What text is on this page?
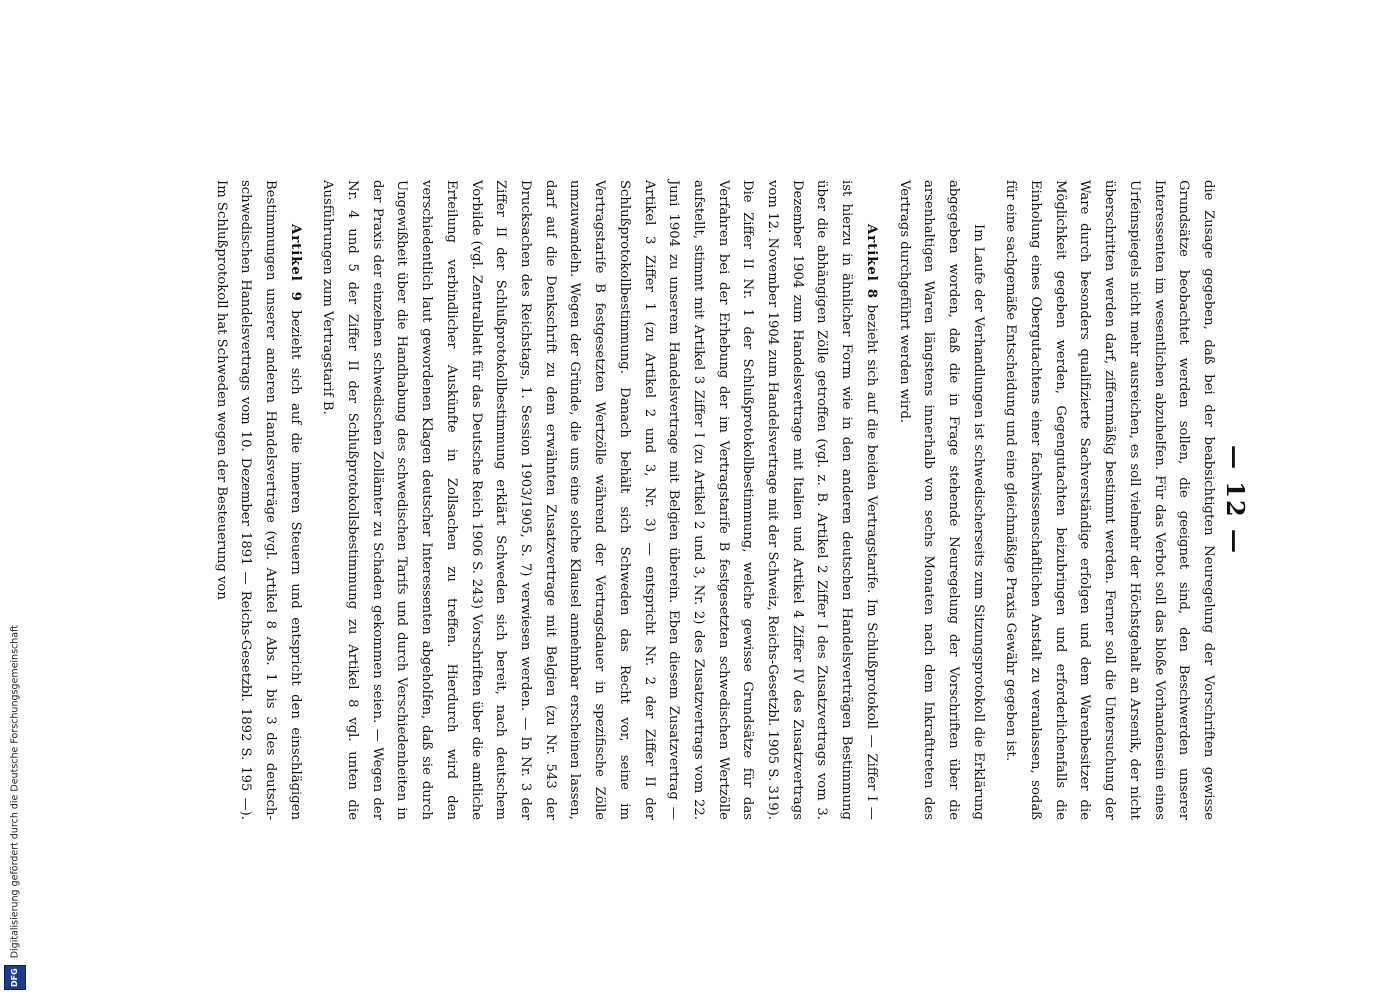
DFG Digitalisierung gefördert durch die Deutsche Forschungsgemeinschaft
— 12 —

die Zusage gegeben, daß bei der beabsichtigten Neuregelung der Vorschriften gewisse Grundsätze beobachtet werden sollen, die geeignet sind, den Beschwerden unserer Interessenten im wesentlichen abzuhelfen. Für das Verbot soll das bloße Vorhandensein eines Urfeinspiegels nicht mehr ausreichen, es soll vielmehr der Höchstgehalt an Arsenik, der nicht überschritten werden darf, ziffernmäßig bestimmt werden. Ferner soll die Untersuchung der Ware durch besonders qualifizierte Sachverständige erfolgen und dem Warenbesitzer die Möglichkeit gegeben werden, Gegengutachten beizubringen und erforderlichenfalls die Einholung eines Obergutachtens einer fachwissenschaftlichen Anstalt zu veranlassen, sodaß für eine sachgemäße Entscheidung und eine gleichmäßige Praxis Gewähr gegeben ist.

Im Laufe der Verhandlungen ist schwedischerseits zum Sitzungsprotokoll die Erklärung abgegeben worden, daß die in Frage stehende Neuregelung der Vorschriften über die arsenhaltigen Waren längstens innerhalb von sechs Monaten nach dem Inkrafttreten des Vertrags durchgeführt werden wird.

Artikel 8 bezieht sich auf die beiden Vertragstarife. Im Schlußprotokoll — Ziffer I — ist hierzu in ähnlicher Form wie in den anderen deutschen Handelsverträgen Bestimmung über die abhängigen Zölle getroffen (vgl. z. B. Artikel 2 Ziffer I des Zusatzvertrags vom 3. Dezember 1904 zum Handelsvertrage mit Italien und Artikel 4 Ziffer IV des Zusatzvertrags vom 12. November 1904 zum Handelsvertrage mit der Schweiz, Reichs-Gesetzbl. 1905 S. 319). Die Ziffer II Nr. 1 der Schlußprotokollbestimmung, welche gewisse Grundsätze für das Verfahren bei der Erhebung der im Vertragstarife B festgesetzten schwedischen Wertzölle aufstellt, stimmt mit Artikel 3 Ziffer I (zu Artikel 2 und 3, Nr. 2) des Zusatzvertrags vom 22. Juni 1904 zu unserem Handelsvertrage mit Belgien überein. Eben diesem Zusatzvertrag — Artikel 3 Ziffer 1 (zu Artikel 2 und 3, Nr. 3) — entspricht Nr. 2 der Ziffer II der Schlußprotokollbestimmung. Danach behält sich Schweden das Recht vor, seine im Vertragstarife B festgesetzten Wertzölle während der Vertragsdauer in spezifische Zölle umzuwandeln. Wegen der Gründe, die uns eine solche Klausel annehmbar erscheinen lassen, darf auf die Denkschrift zu dem erwähnten Zusatzvertrage mit Belgien (zu Nr. 543 der Drucksachen des Reichstags, 1. Session 1903/1905, S. 7) verwiesen werden. — In Nr. 3 der Ziffer II der Schlußprotokollbestimmung erklärt Schweden sich bereit, nach deutschem Vorbilde (vgl. Zentralblatt für das Deutsche Reich 1906 S. 243) Vorschriften über die amtliche Erteilung verbindlicher Auskünfte in Zollsachen zu treffen. Hierdurch wird den verschiedentlich laut gewordenen Klagen deutscher Interessenten abgeholfen, daß sie durch Ungewißheit über die Handhabung des schwedischen Tarifs und durch Verschiedenheiten in der Praxis der einzelnen schwedischen Zollämter zu Schaden gekommen seien. — Wegen der Nr. 4 und 5 der Ziffer II der Schlußprotokollsbestimmung zu Artikel 8 vgl. unten die Ausführungen zum Vertragstarif B.

Artikel 9 bezieht sich auf die inneren Steuern und entspricht den einschlägigen Bestimmungen unserer anderen Handelsverträge (vgl. Artikel 8 Abs. 1 bis 3 des deutsch-schwedischen Handelsvertrags vom 10. Dezember 1891 — Reichs-Gesetzbl. 1892 S. 195 —). Im Schlußprotokoll hat Schweden wegen der Besteuerung von
